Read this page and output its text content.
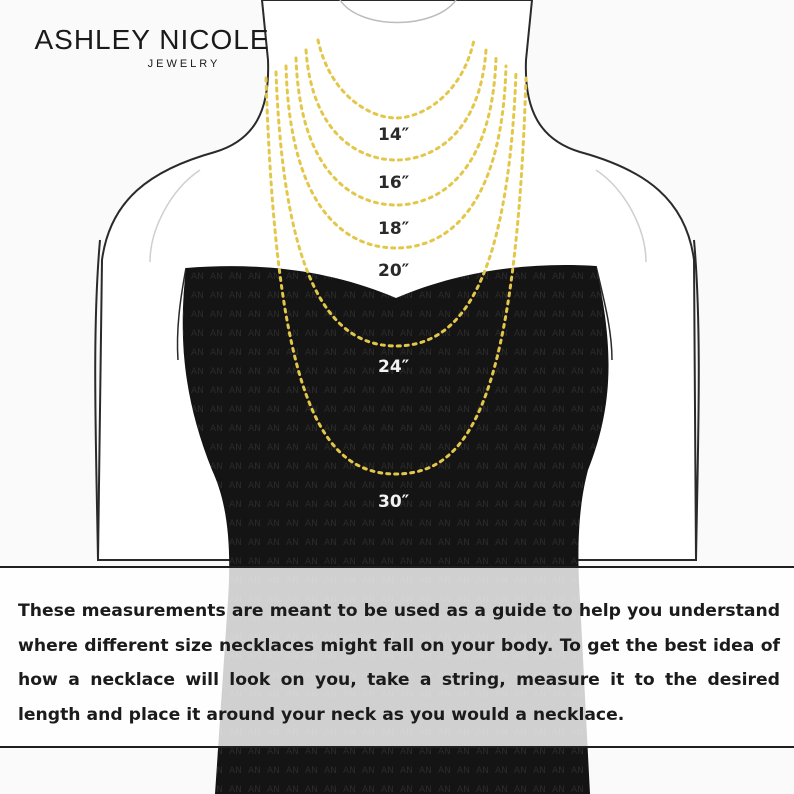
ASHLEY NICOLE
JEWELRY
14″
16″
18″
20″
24″
30″

These measurements are meant to be used as a guide to help you understand where different size necklaces might fall on your body. To get the best idea of how a necklace will look on you, take a string, measure it to the desired length and place it around your neck as you would a necklace.
